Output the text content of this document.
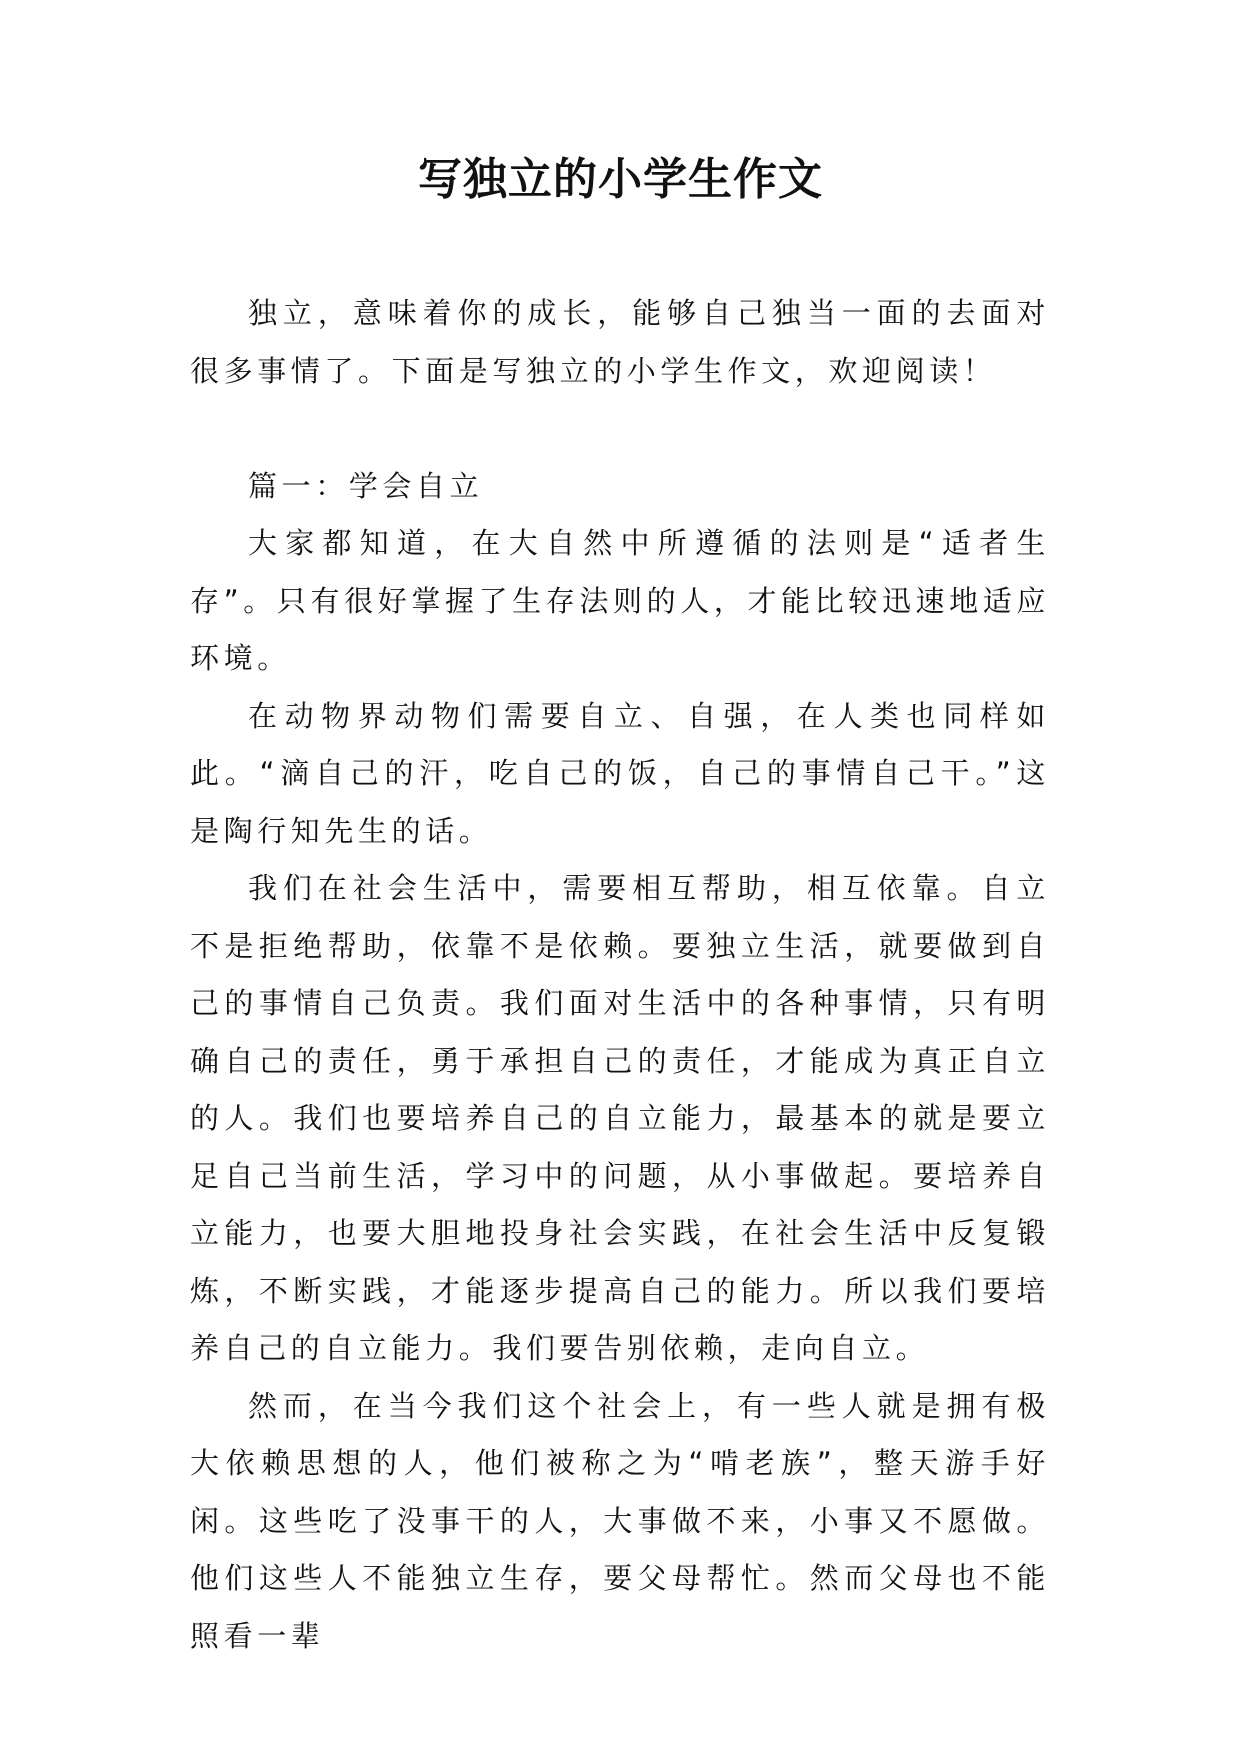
写独立的小学生作文

独立，意味着你的成长，能够自己独当一面的去面对很多事情了。下面是写独立的小学生作文，欢迎阅读！

篇一：学会自立

大家都知道，在大自然中所遵循的法则是“适者生存”。只有很好掌握了生存法则的人，才能比较迅速地适应环境。

在动物界动物们需要自立、自强，在人类也同样如此。“滴自己的汗，吃自己的饭，自己的事情自己干。”这是陶行知先生的话。

我们在社会生活中，需要相互帮助，相互依靠。自立不是拒绝帮助，依靠不是依赖。要独立生活，就要做到自己的事情自己负责。我们面对生活中的各种事情，只有明确自己的责任，勇于承担自己的责任，才能成为真正自立的人。我们也要培养自己的自立能力，最基本的就是要立足自己当前生活，学习中的问题，从小事做起。要培养自立能力，也要大胆地投身社会实践，在社会生活中反复锻炼，不断实践，才能逐步提高自己的能力。所以我们要培养自己的自立能力。我们要告别依赖，走向自立。

然而，在当今我们这个社会上，有一些人就是拥有极大依赖思想的人，他们被称之为“啃老族”，整天游手好闲。这些吃了没事干的人，大事做不来，小事又不愿做。他们这些人不能独立生存，要父母帮忙。然而父母也不能照看一辈
